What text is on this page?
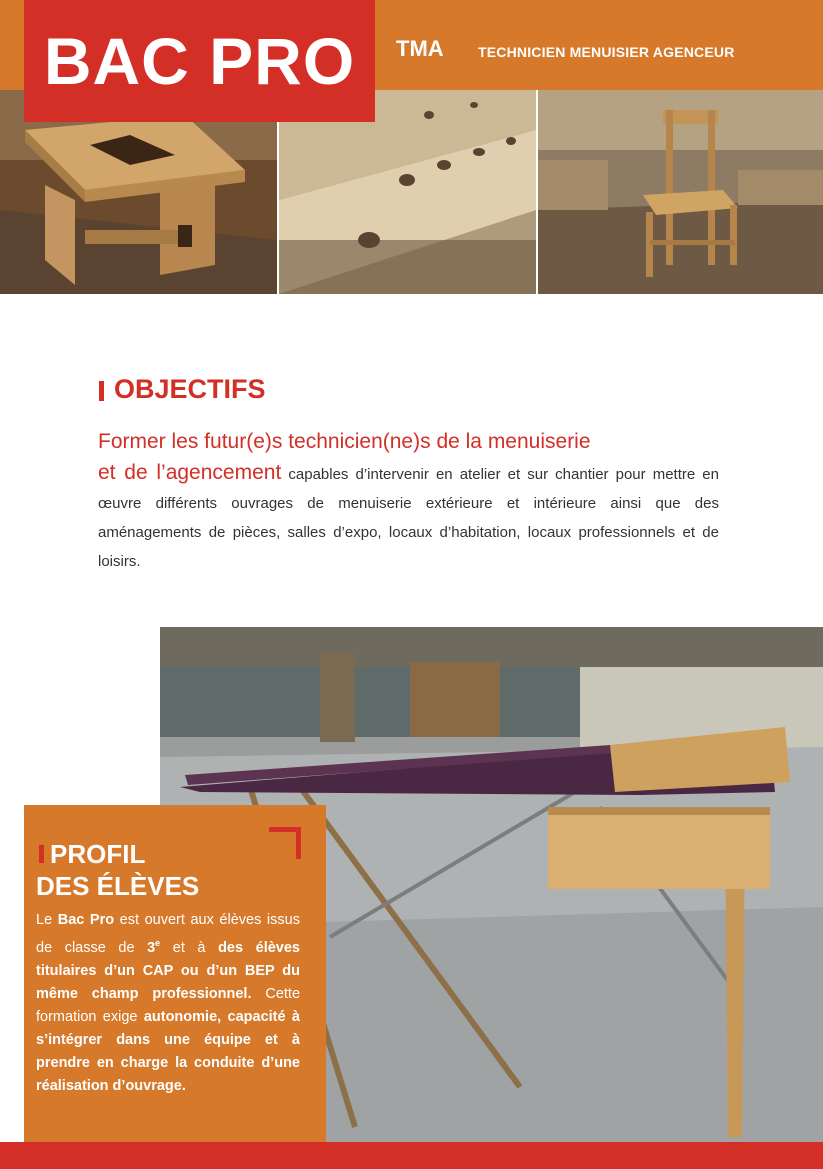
BAC PRO TMA TECHNICIEN MENUISIER AGENCEUR
OBJECTIFS
Former les futur(e)s technicien(ne)s de la menuiserie
et de l’agencement capables d’intervenir en atelier et sur chantier pour mettre en œuvre différents ouvrages de menuiserie extérieure et intérieure ainsi que des aménagements de pièces, salles d’expo, locaux d’habitation, locaux professionnels et de loisirs.
PROFIL
DES ÉLÈVES
Le Bac Pro est ouvert aux élèves issus de classe de 3e et à des élèves titulaires d’un CAP ou d’un BEP du même champ professionnel. Cette formation exige autonomie, capacité à s’intégrer dans une équipe et à prendre en charge la conduite d’une réalisation d’ouvrage.
